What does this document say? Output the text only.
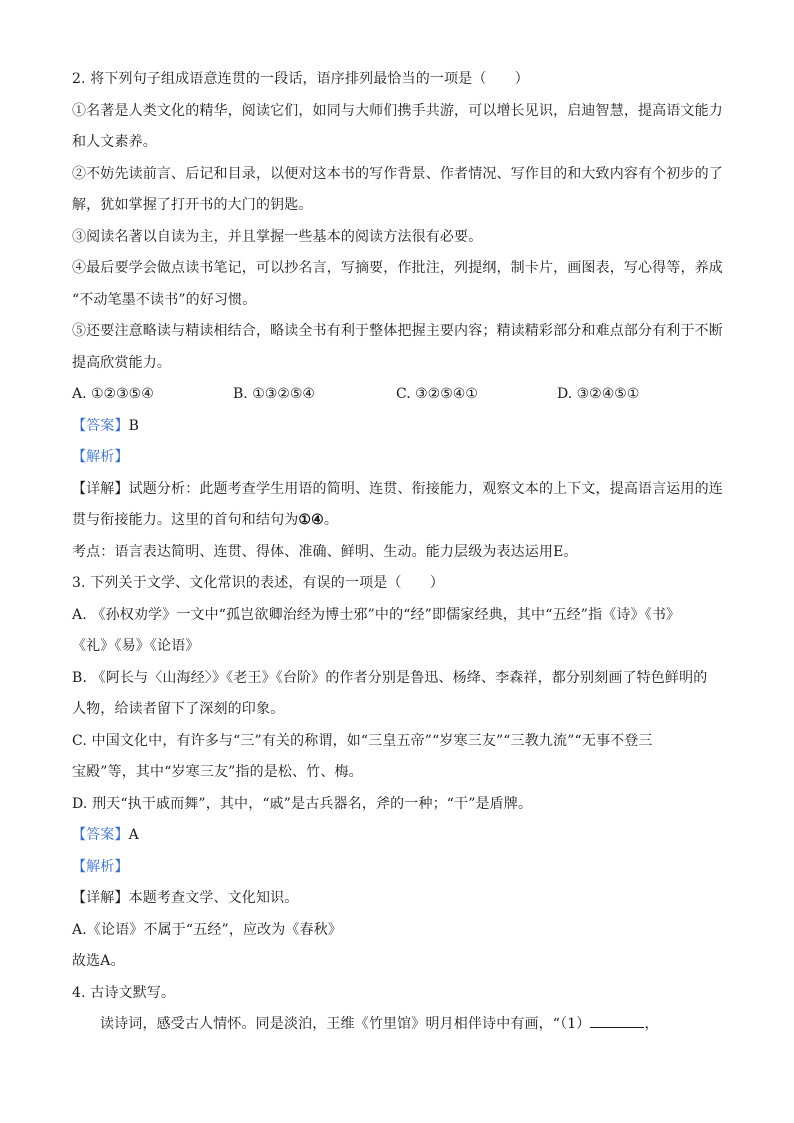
2. 将下列句子组成语意连贯的一段话，语序排列最恰当的一项是（　　）
①名著是人类文化的精华，阅读它们，如同与大师们携手共游，可以增长见识，启迪智慧，提高语文能力
和人文素养。
②不妨先读前言、后记和目录，以便对这本书的写作背景、作者情况、写作目的和大致内容有个初步的了
解，犹如掌握了打开书的大门的钥匙。
③阅读名著以自读为主，并且掌握一些基本的阅读方法很有必要。
④最后要学会做点读书笔记，可以抄名言，写摘要，作批注，列提纲，制卡片，画图表，写心得等，养成
“不动笔墨不读书”的好习惯。
⑤还要注意略读与精读相结合，略读全书有利于整体把握主要内容；精读精彩部分和难点部分有利于不断
提高欣赏能力。
A. ①②③⑤④	B. ①③②⑤④	C. ③②⑤④①	D. ③②④⑤①
【答案】B
【解析】
【详解】试题分析：此题考查学生用语的简明、连贯、衔接能力，观察文本的上下文，提高语言运用的连
贯与衔接能力。这里的首句和结句为①④。
考点：语言表达简明、连贯、得体、准确、鲜明、生动。能力层级为表达运用E。
3. 下列关于文学、文化常识的表述，有误的一项是（　　）
A. 《孙权劝学》一文中“孤岂欲卿治经为博士邪”中的“经”即儒家经典，其中“五经”指《诗》《书》
《礼》《易》《论语》
B. 《阿长与〈山海经〉》《老王》《台阶》的作者分别是鲁迅、杨绛、李森祥，都分别刻画了特色鲜明的
人物，给读者留下了深刻的印象。
C. 中国文化中，有许多与“三”有关的称谓，如“三皇五帝”“岁寒三友”“三教九流”“无事不登三
宝殿”等，其中“岁寒三友”指的是松、竹、梅。
D. 刑天“执干戚而舞”，其中，“戚”是古兵器名，斧的一种；“干”是盾牌。
【答案】A
【解析】
【详解】本题考查文学、文化知识。
A.《论语》不属于“五经”，应改为《春秋》
故选A。
4. 古诗文默写。
读诗词，感受古人情怀。同是淡泊，王维《竹里馆》明月相伴诗中有画，“（1）	，
